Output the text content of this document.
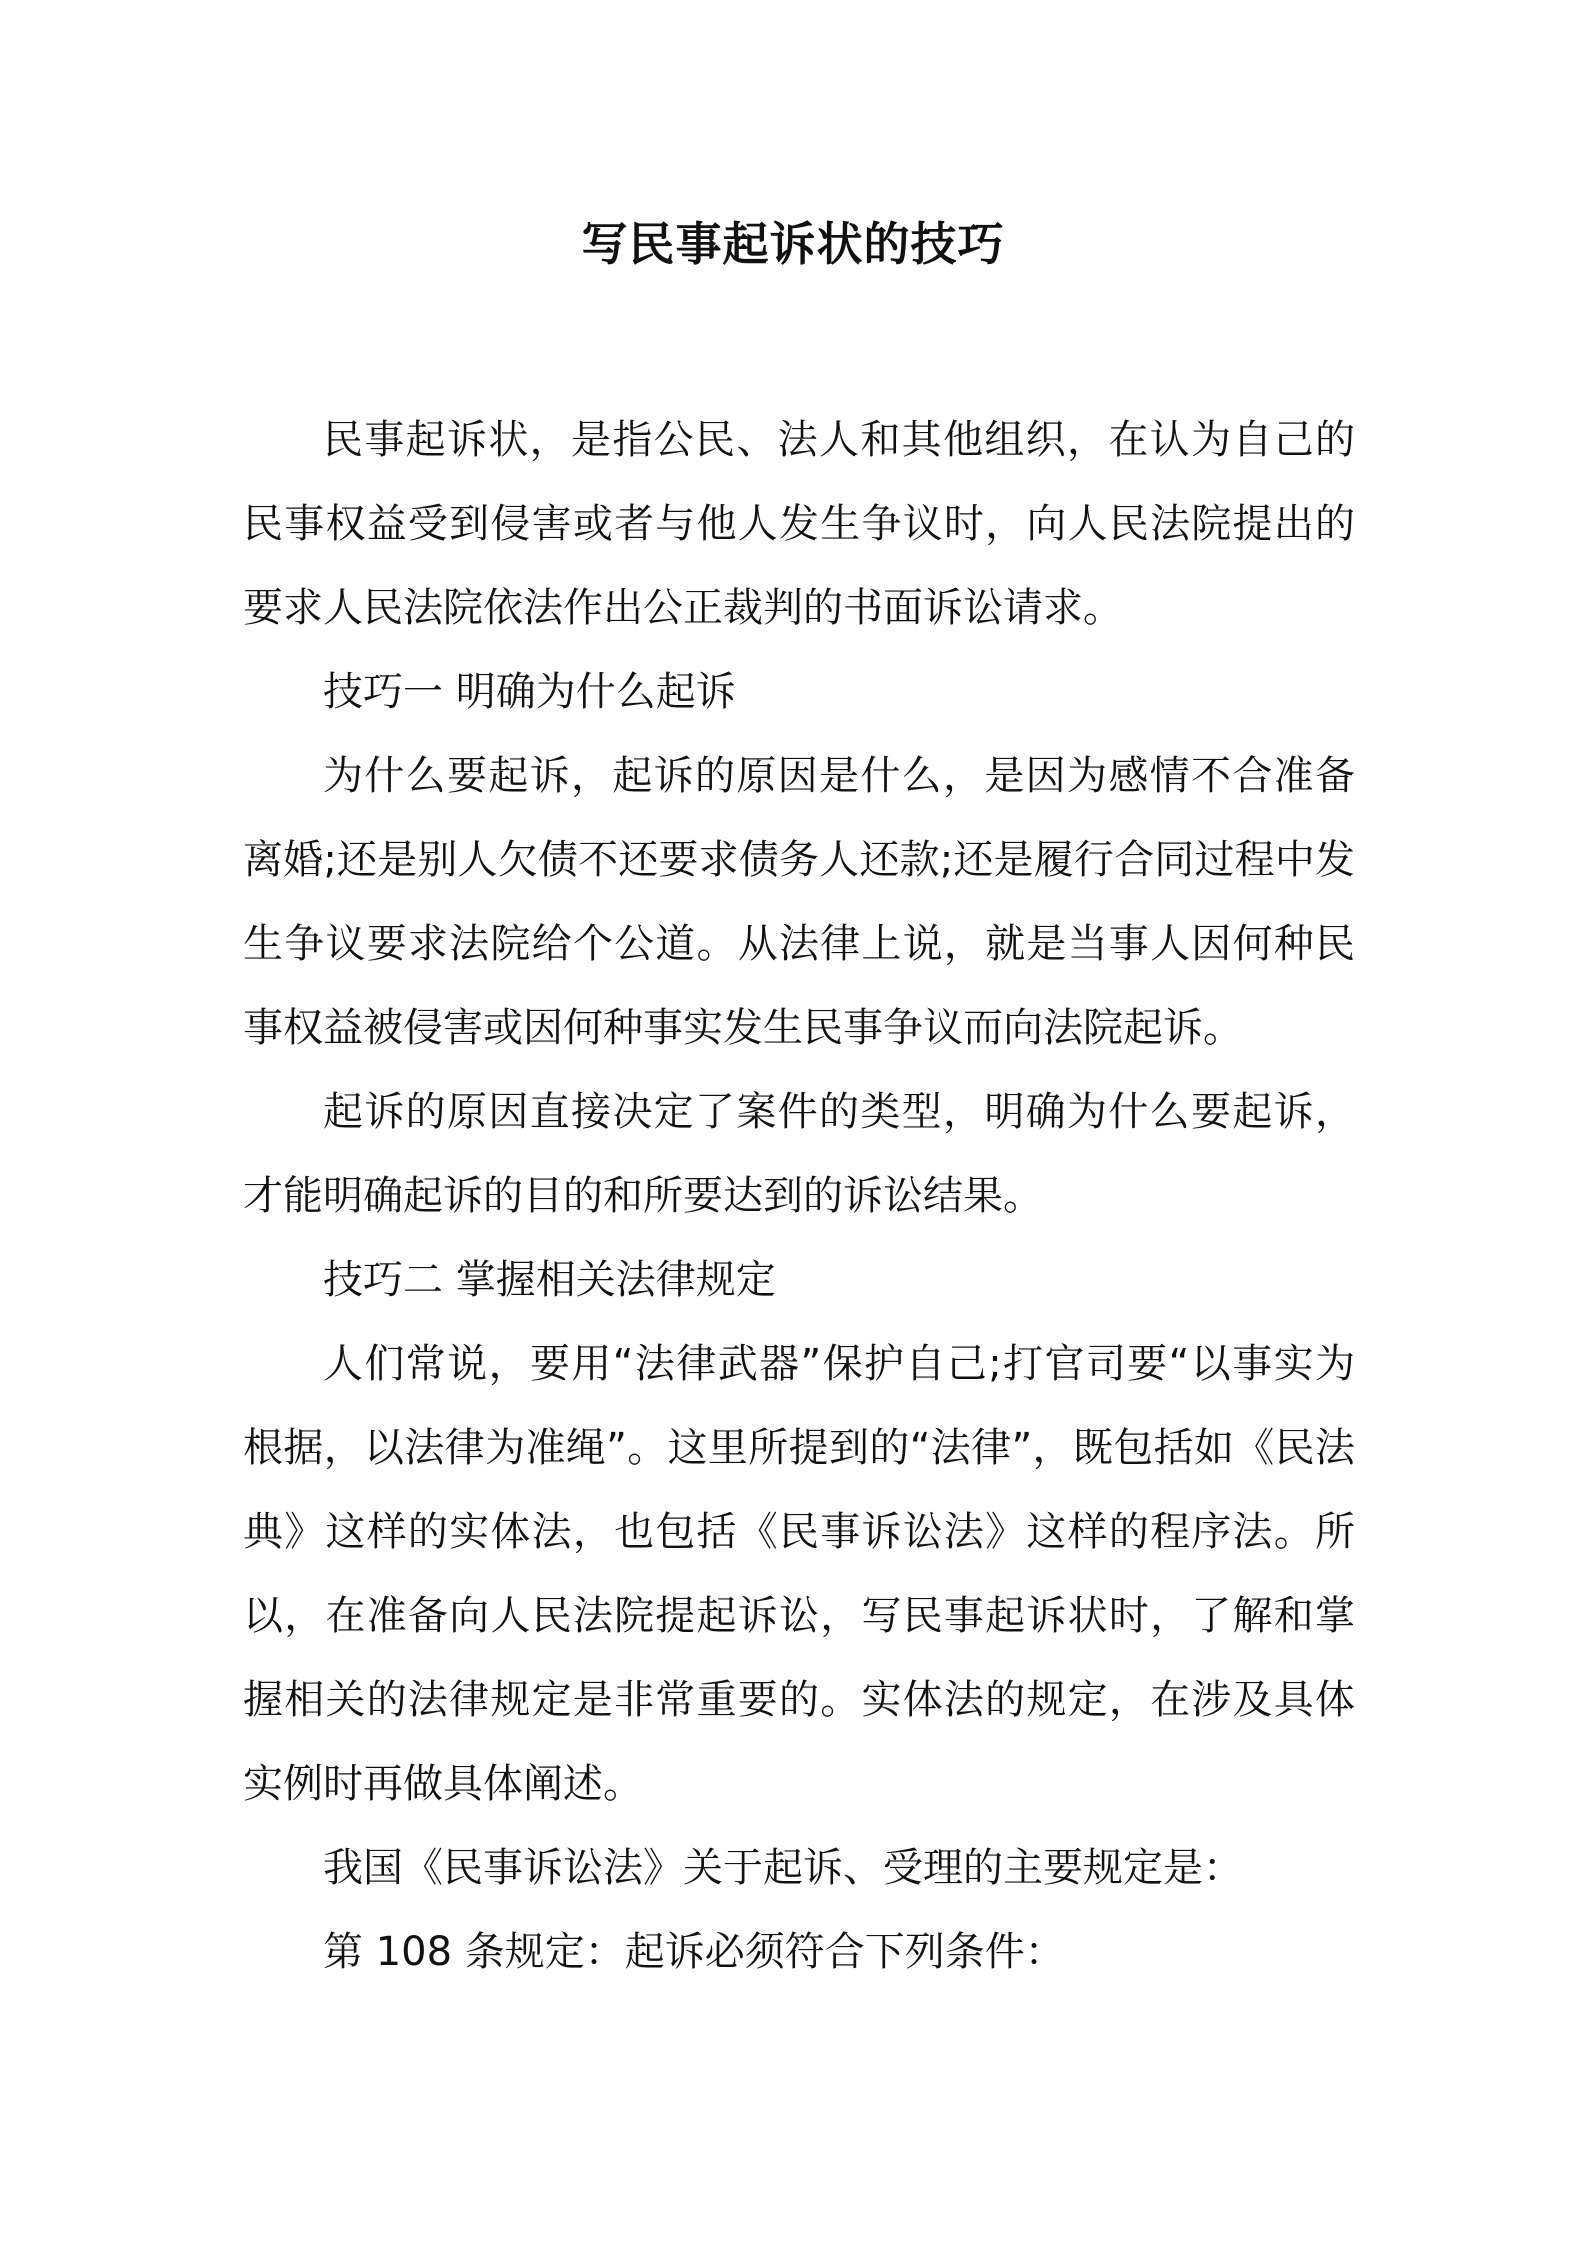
写民事起诉状的技巧

民事起诉状，是指公民、法人和其他组织，在认为自己的民事权益受到侵害或者与他人发生争议时，向人民法院提出的要求人民法院依法作出公正裁判的书面诉讼请求。

技巧一 明确为什么起诉

为什么要起诉，起诉的原因是什么，是因为感情不合准备离婚;还是别人欠债不还要求债务人还款;还是履行合同过程中发生争议要求法院给个公道。从法律上说，就是当事人因何种民事权益被侵害或因何种事实发生民事争议而向法院起诉。

起诉的原因直接决定了案件的类型，明确为什么要起诉，才能明确起诉的目的和所要达到的诉讼结果。

技巧二 掌握相关法律规定

人们常说，要用“法律武器”保护自己;打官司要“以事实为根据，以法律为准绳”。这里所提到的“法律”，既包括如《民法典》这样的实体法，也包括《民事诉讼法》这样的程序法。所以，在准备向人民法院提起诉讼，写民事起诉状时，了解和掌握相关的法律规定是非常重要的。实体法的规定，在涉及具体实例时再做具体阐述。

我国《民事诉讼法》关于起诉、受理的主要规定是：

第 108 条规定：起诉必须符合下列条件：
